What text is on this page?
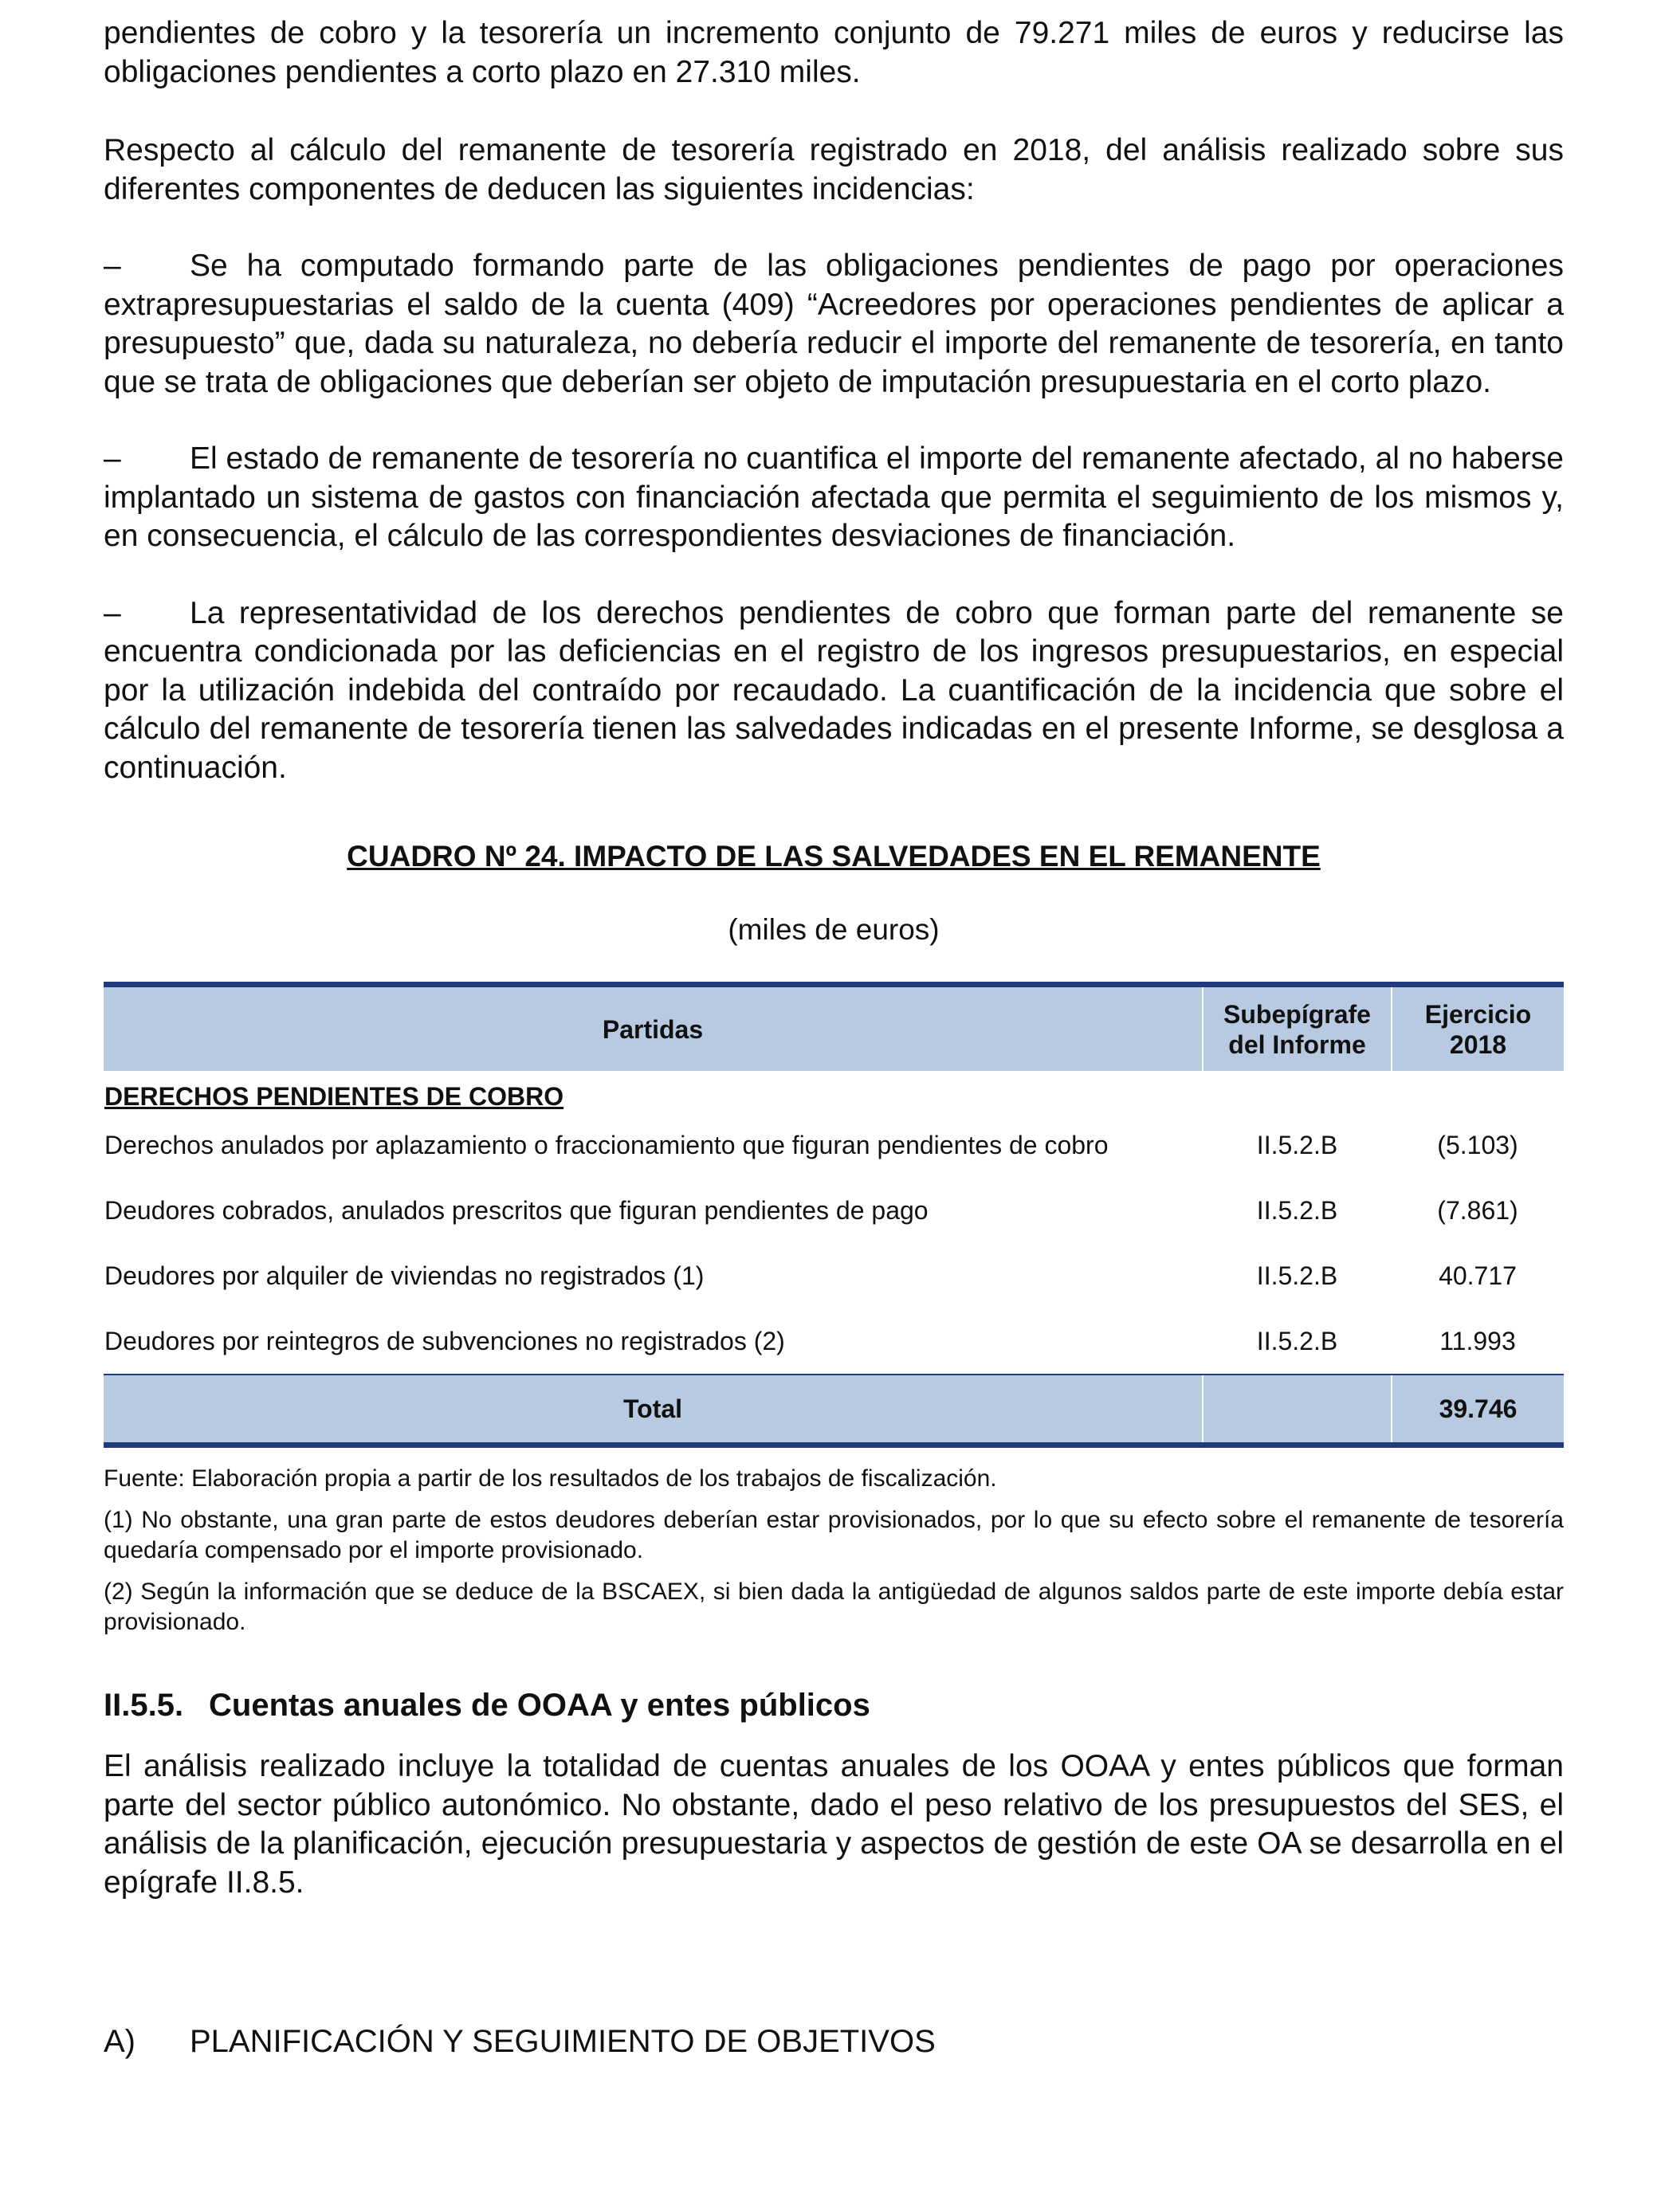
pendientes de cobro y la tesorería un incremento conjunto de 79.271 miles de euros y reducirse las obligaciones pendientes a corto plazo en 27.310 miles.

Respecto al cálculo del remanente de tesorería registrado en 2018, del análisis realizado sobre sus diferentes componentes de deducen las siguientes incidencias:

– Se ha computado formando parte de las obligaciones pendientes de pago por operaciones extrapresupuestarias el saldo de la cuenta (409) “Acreedores por operaciones pendientes de aplicar a presupuesto” que, dada su naturaleza, no debería reducir el importe del remanente de tesorería, en tanto que se trata de obligaciones que deberían ser objeto de imputación presupuestaria en el corto plazo.

– El estado de remanente de tesorería no cuantifica el importe del remanente afectado, al no haberse implantado un sistema de gastos con financiación afectada que permita el seguimiento de los mismos y, en consecuencia, el cálculo de las correspondientes desviaciones de financiación.

– La representatividad de los derechos pendientes de cobro que forman parte del remanente se encuentra condicionada por las deficiencias en el registro de los ingresos presupuestarios, en especial por la utilización indebida del contraído por recaudado. La cuantificación de la incidencia que sobre el cálculo del remanente de tesorería tienen las salvedades indicadas en el presente Informe, se desglosa a continuación.

CUADRO Nº 24. IMPACTO DE LAS SALVEDADES EN EL REMANENTE
(miles de euros)
Partidas	Subepígrafe del Informe	Ejercicio 2018
DERECHOS PENDIENTES DE COBRO		
Derechos anulados por aplazamiento o fraccionamiento que figuran pendientes de cobro	II.5.2.B	(5.103)
Deudores cobrados, anulados prescritos que figuran pendientes de pago	II.5.2.B	(7.861)
Deudores por alquiler de viviendas no registrados (1)	II.5.2.B	40.717
Deudores por reintegros de subvenciones no registrados (2)	II.5.2.B	11.993
Total		39.746

Fuente: Elaboración propia a partir de los resultados de los trabajos de fiscalización.

(1) No obstante, una gran parte de estos deudores deberían estar provisionados, por lo que su efecto sobre el remanente de tesorería quedaría compensado por el importe provisionado.

(2) Según la información que se deduce de la BSCAEX, si bien dada la antigüedad de algunos saldos parte de este importe debía estar provisionado.

II.5.5. Cuentas anuales de OOAA y entes públicos

El análisis realizado incluye la totalidad de cuentas anuales de los OOAA y entes públicos que forman parte del sector público autonómico. No obstante, dado el peso relativo de los presupuestos del SES, el análisis de la planificación, ejecución presupuestaria y aspectos de gestión de este OA se desarrolla en el epígrafe II.8.5.

A) PLANIFICACIÓN Y SEGUIMIENTO DE OBJETIVOS
